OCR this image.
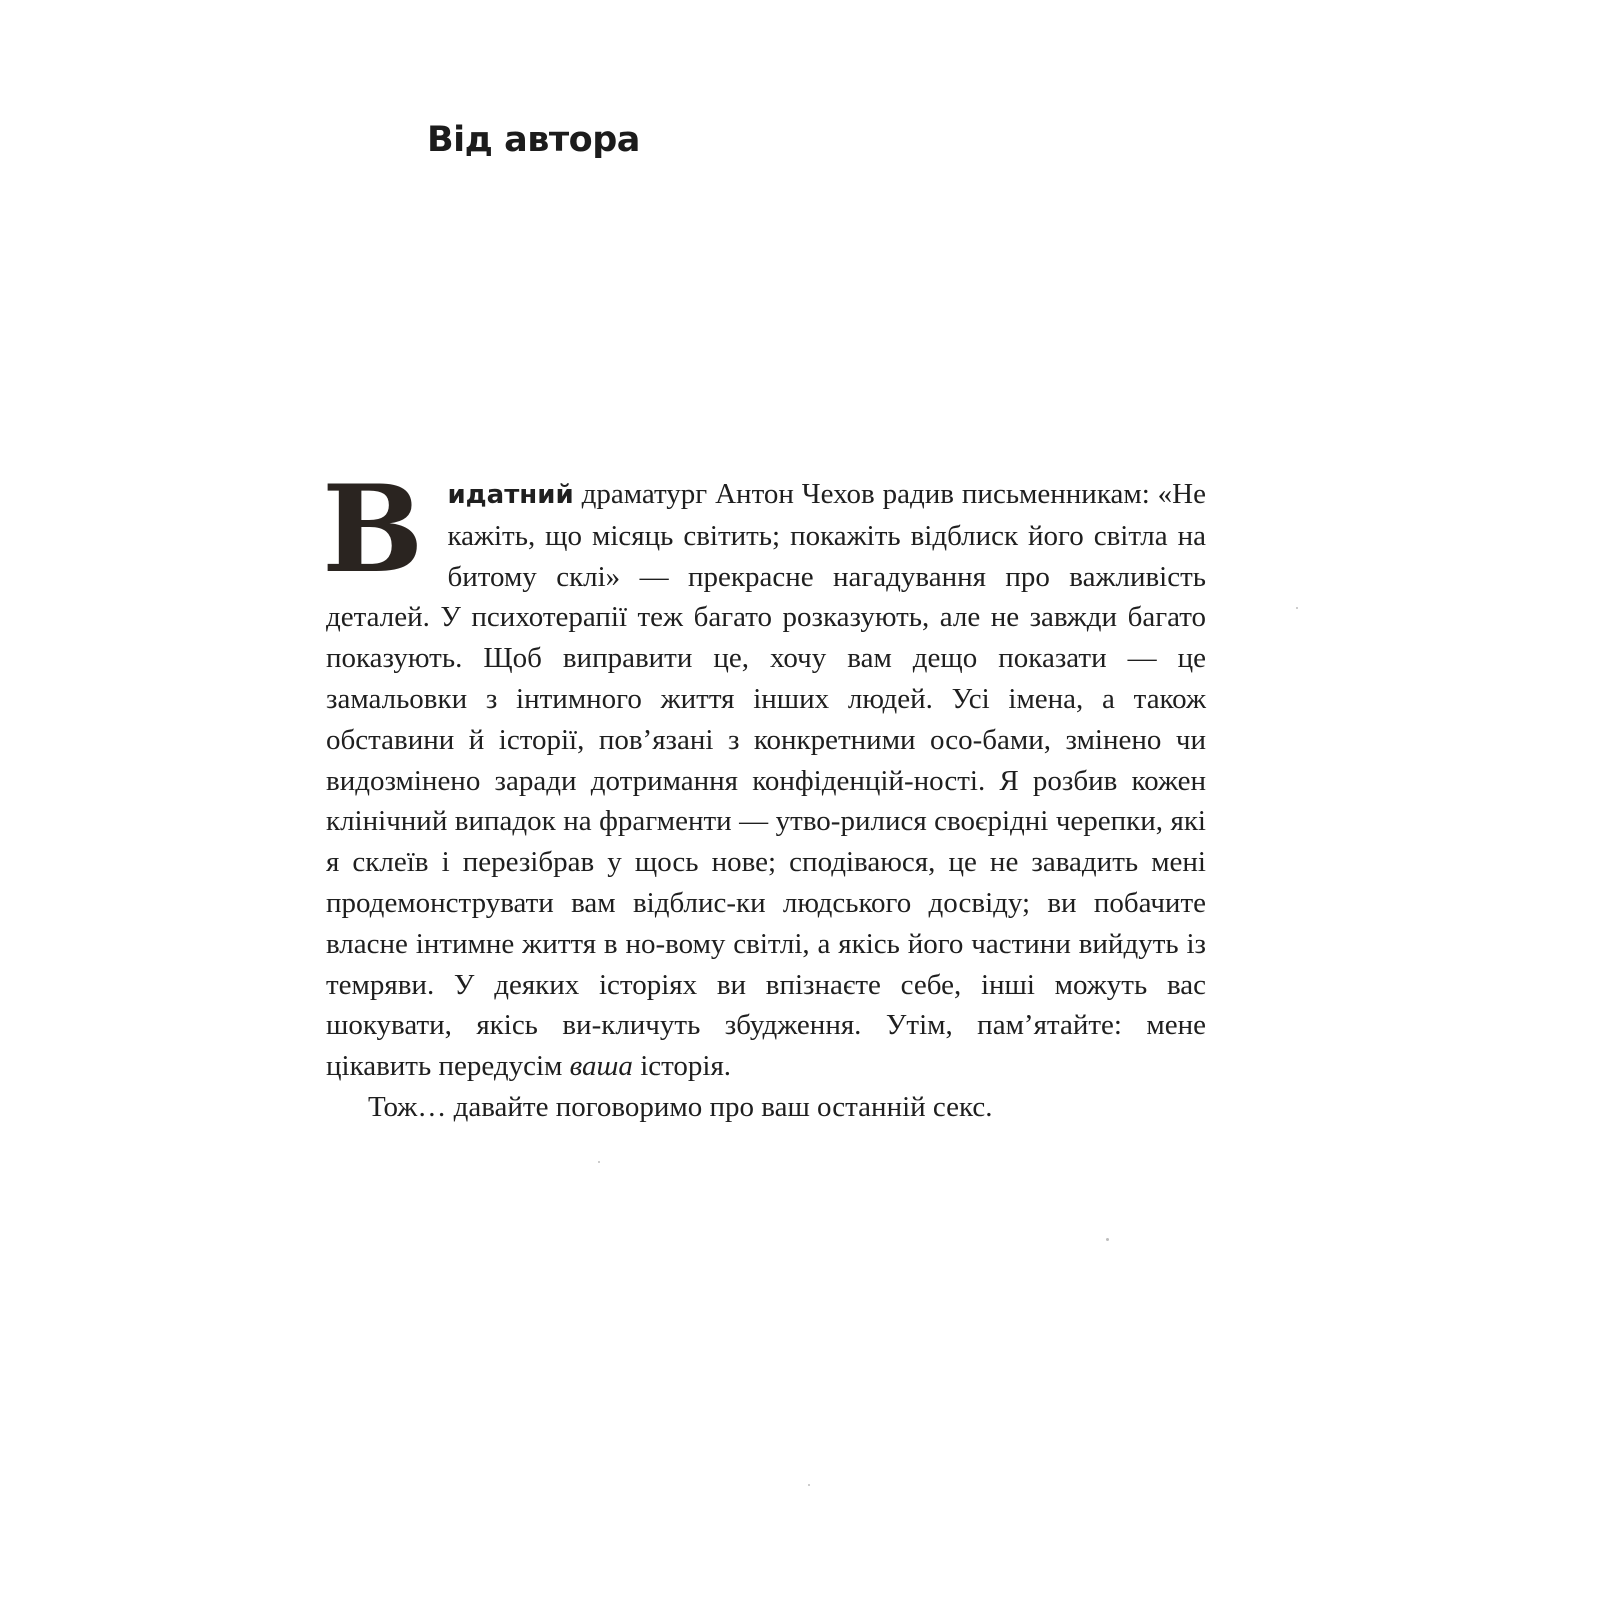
Від автора

Видатний драматург Антон Чехов радив письменникам: «Не кажіть, що місяць світить; покажіть відблиск його світла на битому склі» — прекрасне нагадування про важливість деталей. У психотерапії теж багато розказують, але не завжди багато показують. Щоб виправити це, хочу вам дещо показати — це замальовки з інтимного життя інших людей. Усі імена, а також обставини й історії, пов’язані з конкретними осо-бами, змінено чи видозмінено заради дотримання конфіденцій-ності. Я розбив кожен клінічний випадок на фрагменти — утво-рилися своєрідні черепки, які я склеїв і перезібрав у щось нове; сподіваюся, це не завадить мені продемонструвати вам відблис-ки людського досвіду; ви побачите власне інтимне життя в но-вому світлі, а якісь його частини вийдуть із темряви. У деяких історіях ви впізнаєте себе, інші можуть вас шокувати, якісь ви-кличуть збудження. Утім, пам’ятайте: мене цікавить передусім ваша історія.

Тож… давайте поговоримо про ваш останній секс.
